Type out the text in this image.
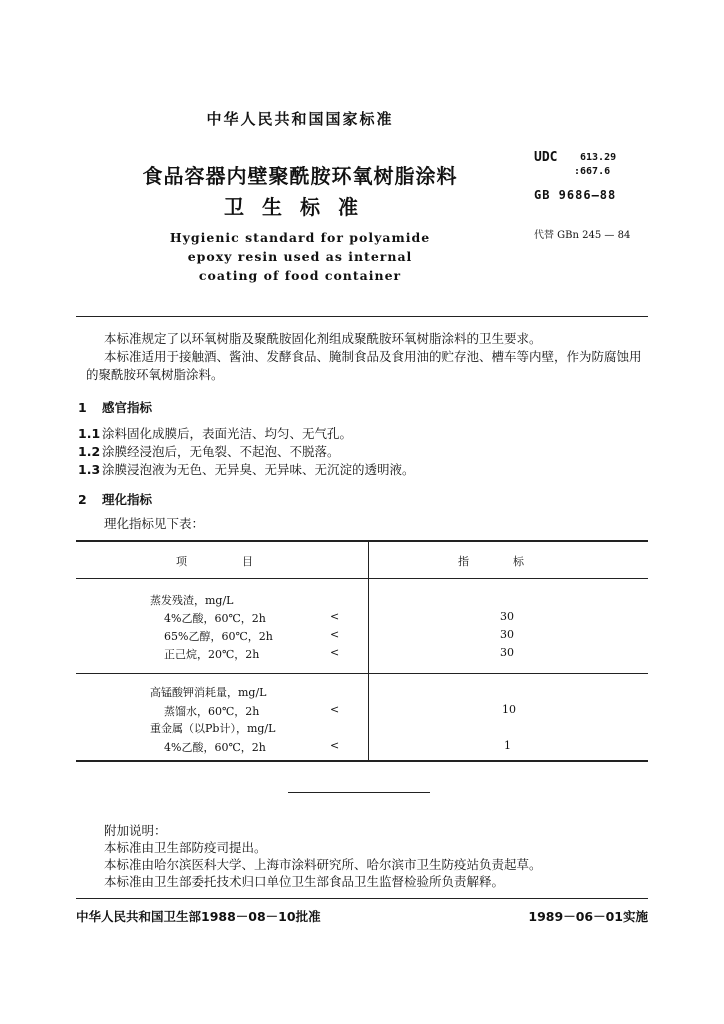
中华人民共和国国家标准
食品容器内壁聚酰胺环氧树脂涂料
卫生标准
Hygienic standard for polyamide
epoxy resin used as internal
coating of food container
UDC 613.29
:667.6
GB 9686—88
代替 GBn 245 — 84
本标准规定了以环氧树脂及聚酰胺固化剂组成聚酰胺环氧树脂涂料的卫生要求。
本标准适用于接触酒、酱油、发酵食品、腌制食品及食用油的贮存池、槽车等内壁，作为防腐蚀用的聚酰胺环氧树脂涂料。
1 感官指标
1.1 涂料固化成膜后，表面光洁、均匀、无气孔。
1.2 涂膜经浸泡后，无龟裂、不起泡、不脱落。
1.3 涂膜浸泡液为无色、无异臭、无异味、无沉淀的透明液。
2 理化指标
理化指标见下表：
项　　　　　目	指　　　　标
蒸发残渣，mg/L
4%乙酸，60℃，2h	<	30
65%乙醇，60℃，2h	<	30
正己烷，20℃，2h	<	30
高锰酸钾消耗量，mg/L
蒸馏水，60℃，2h	<	10
重金属（以Pb计），mg/L
4%乙酸，60℃，2h	<	1
附加说明：
本标准由卫生部防疫司提出。
本标准由哈尔滨医科大学、上海市涂料研究所、哈尔滨市卫生防疫站负责起草。
本标准由卫生部委托技术归口单位卫生部食品卫生监督检验所负责解释。
中华人民共和国卫生部1988－08－10批准	1989－06－01实施
